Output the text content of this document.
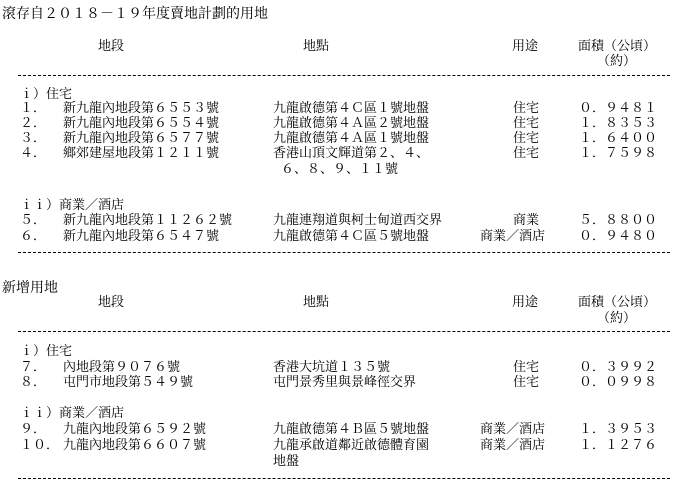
滾存自２０１８－１９年度賣地計劃的用地
地段	地點	用途	面積（公頃）
（約）
ｉ）住宅
１． 新九龍內地段第６５５３號	九龍啟德第４Ｃ區１號地盤	住宅	０．９４８１
２． 新九龍內地段第６５５４號	九龍啟德第４Ａ區２號地盤	住宅	１．８３５３
３． 新九龍內地段第６５７７號	九龍啟德第４Ａ區１號地盤	住宅	１．６４００
４． 鄉郊建屋地段第１２１１號	香港山頂文輝道第２、４、
６、８、９、１１號
住宅	１．７５９８
ｉｉ）商業／酒店
５． 新九龍內地段第１１２６２號	九龍連翔道與柯士甸道西交界	商業	５．８８００
６． 新九龍內地段第６５４７號	九龍啟德第４Ｃ區５號地盤	商業／酒店	０．９４８０
新增用地
地段	地點	用途	面積（公頃）
（約）
ｉ）住宅
７． 內地段第９０７６號	香港大坑道１３５號	住宅	０．３９９２
８． 屯門市地段第５４９號	屯門景秀里與景峰徑交界	住宅	０．０９９８
ｉｉ）商業／酒店
９． 九龍內地段第６５９２號	九龍啟德第４Ｂ區５號地盤	商業／酒店	１．３９５３
１０． 九龍內地段第６６０７號	九龍承啟道鄰近啟德體育園
地盤
商業／酒店	１．１２７６
